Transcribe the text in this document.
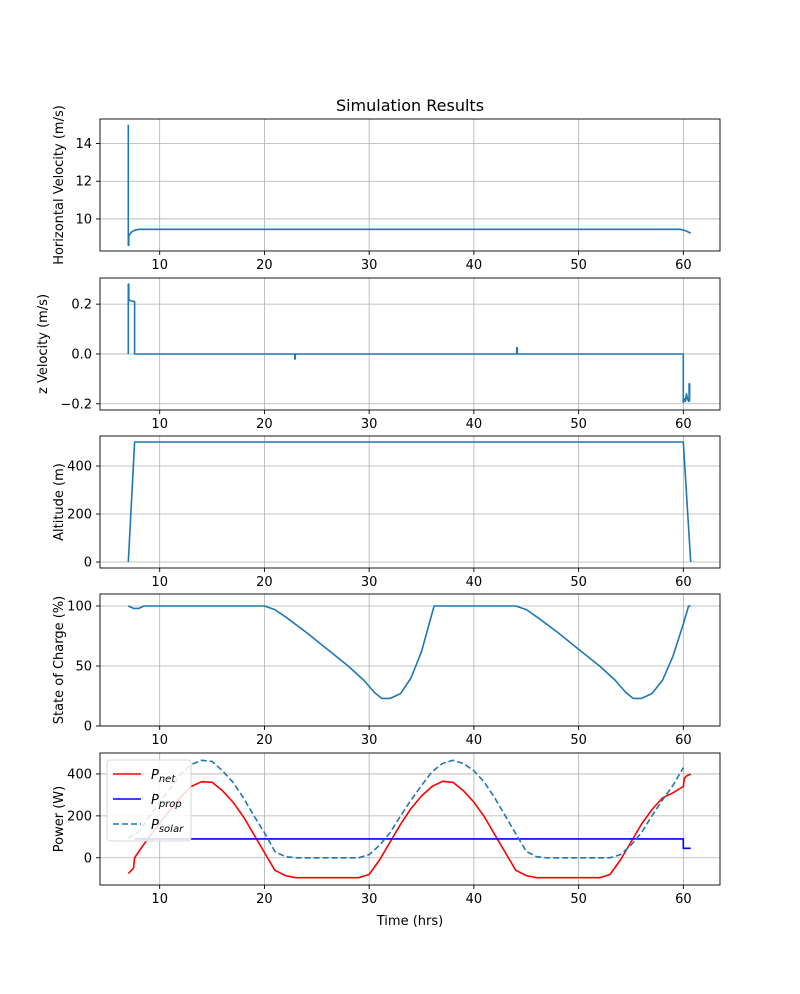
10	20	30	40	50	60
10
12
14
Horizontal Velocity (m/s)	Simulation Results
10	20	30	40	50	60
−0.2
0.0
0.2
z Velocity (m/s)
10	20	30	40	50	60
0
200
400
Altitude (m)
10	20	30	40	50	60
0
50
100
State of Charge (%)
10	20	30	40	50	60
0
200
400
Power (W)
Time (hrs)
$P_{net}$
$P_{prop}$
$P_{solar}$
